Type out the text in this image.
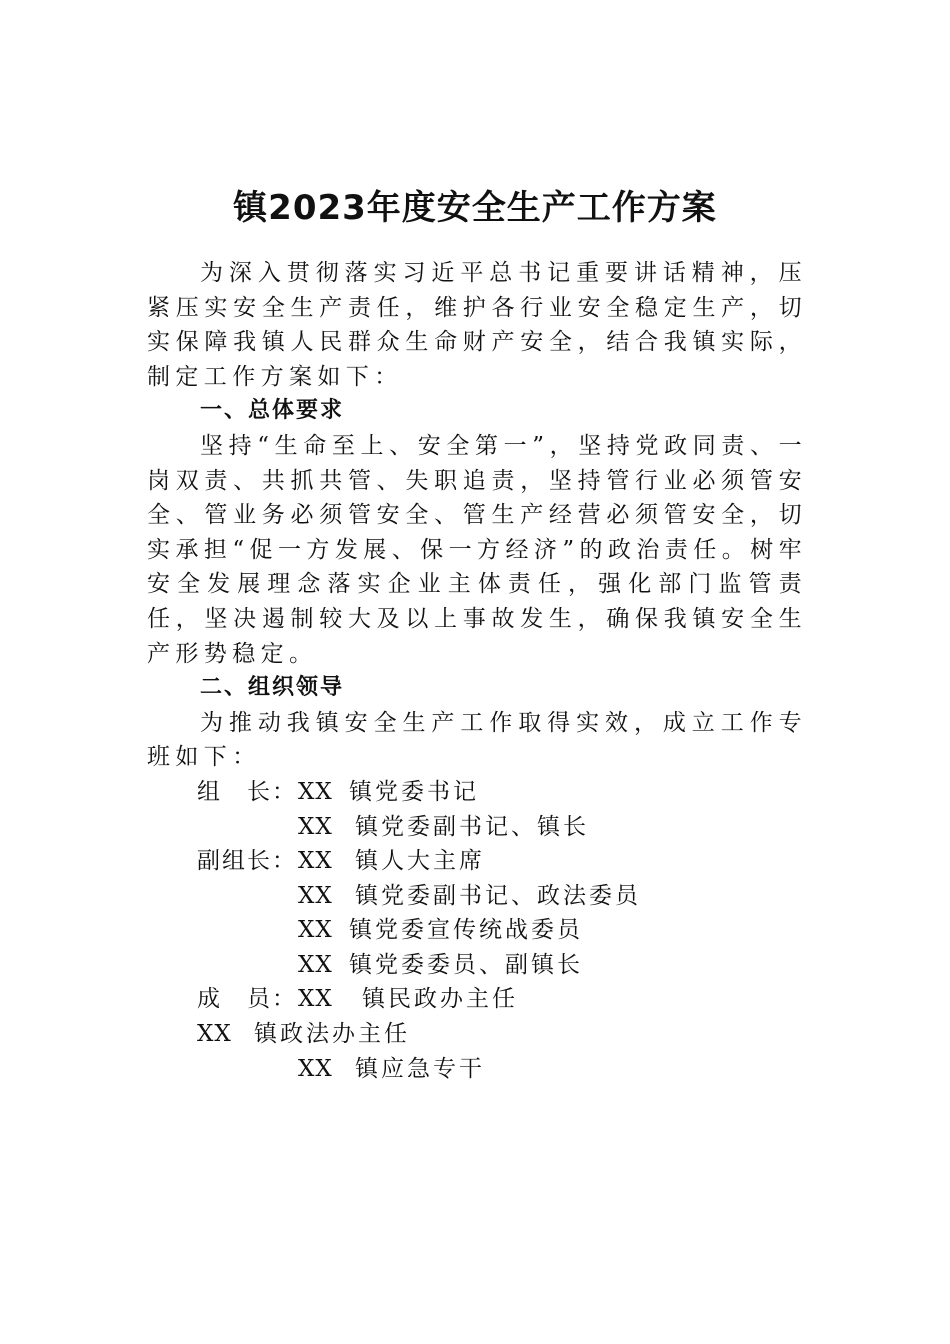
镇2023年度安全生产工作方案

为深入贯彻落实习近平总书记重要讲话精神，压紧压实安全生产责任，维护各行业安全稳定生产，切实保障我镇人民群众生命财产安全，结合我镇实际，制定工作方案如下：

一、总体要求

坚持“生命至上、安全第一”，坚持党政同责、一岗双责、共抓共管、失职追责，坚持管行业必须管安全、管业务必须管安全、管生产经营必须管安全，切实承担“促一方发展、保一方经济”的政治责任。树牢安全发展理念落实企业主体责任，强化部门监管责任，坚决遏制较大及以上事故发生，确保我镇安全生产形势稳定。

二、组织领导

为推动我镇安全生产工作取得实效，成立工作专班如下：

组　长： XX 镇党委书记
XX 镇党委副书记、镇长
副组长： XX 镇人大主席
XX 镇党委副书记、政法委员
XX 镇党委宣传统战委员
XX 镇党委委员、副镇长
成　员： XX 镇民政办主任
XX 镇政法办主任
XX 镇应急专干
